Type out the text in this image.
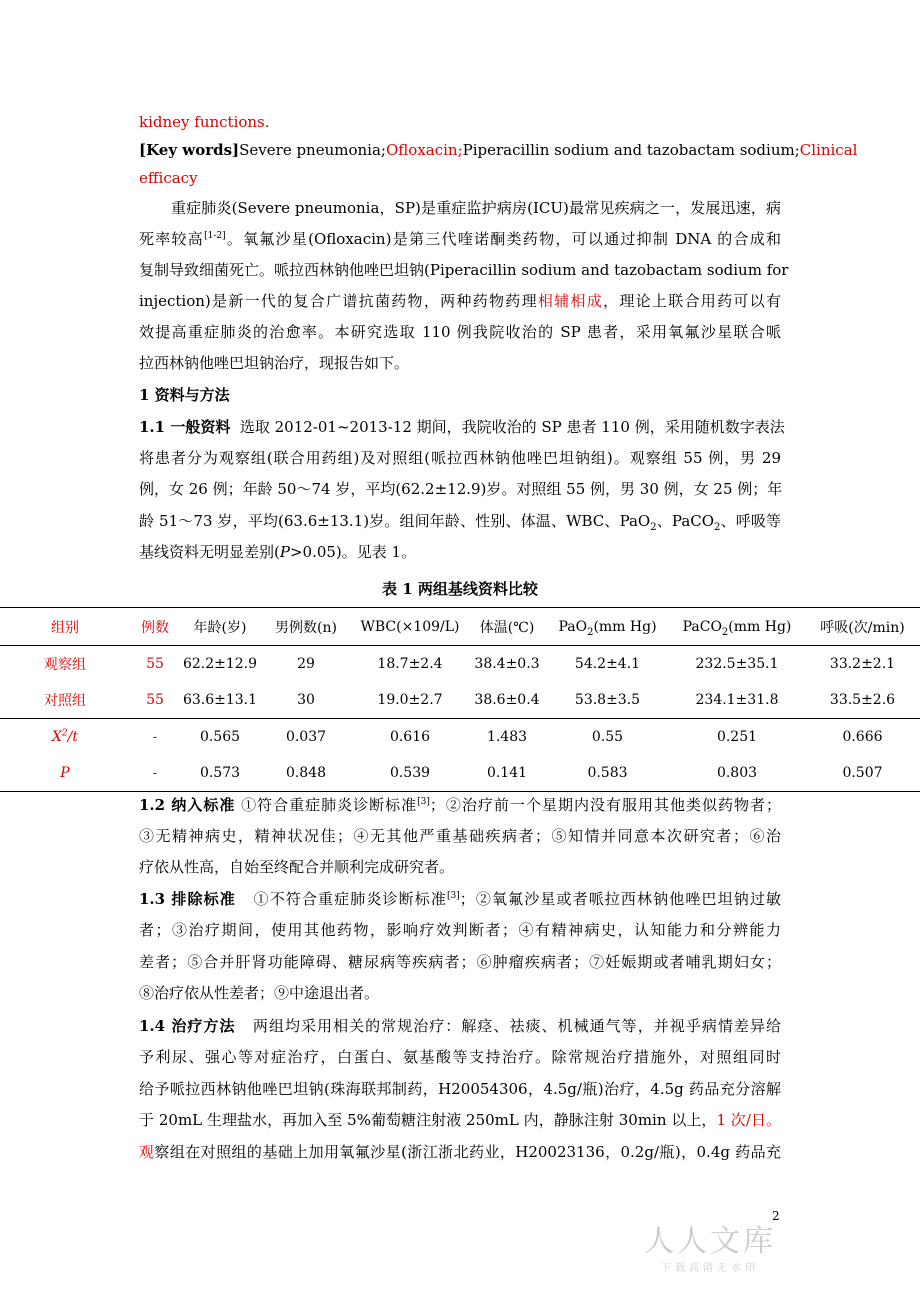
kidney functions.
[Key words]Severe pneumonia;Ofloxacin;Piperacillin sodium and tazobactam sodium;Clinical
efficacy
重症肺炎(Severe pneumonia，SP)是重症监护病房(ICU)最常见疾病之一，发展迅速，病
死率较高[1-2]。氧氟沙星(Ofloxacin)是第三代喹诺酮类药物，可以通过抑制 DNA 的合成和
复制导致细菌死亡。哌拉西林钠他唑巴坦钠(Piperacillin sodium and tazobactam sodium for
injection)是新一代的复合广谱抗菌药物，两种药物药理相辅相成，理论上联合用药可以有
效提高重症肺炎的治愈率。本研究选取 110 例我院收治的 SP 患者，采用氧氟沙星联合哌
拉西林钠他唑巴坦钠治疗，现报告如下。
1 资料与方法
1.1 一般资料 选取 2012-01~2013-12 期间，我院收治的 SP 患者 110 例，采用随机数字表法
将患者分为观察组(联合用药组)及对照组(哌拉西林钠他唑巴坦钠组)。观察组 55 例，男 29
例，女 26 例；年龄 50～74 岁，平均(62.2±12.9)岁。对照组 55 例，男 30 例，女 25 例；年
龄 51～73 岁，平均(63.6±13.1)岁。组间年龄、性别、体温、WBC、PaO$_2$、PaCO$_2$、呼吸等
基线资料无明显差别(P>0.05)。见表 1。
表 1 两组基线资料比较
组别	例数	年龄(岁)	男例数(n)	WBC(×109/L)	体温(℃)	PaO$_2$(mm Hg)	PaCO$_2$(mm Hg)	呼吸(次/min)
观察组	55	62.2±12.9	29	18.7±2.4	38.4±0.3	54.2±4.1	232.5±35.1	33.2±2.1
对照组	55	63.6±13.1	30	19.0±2.7	38.6±0.4	53.8±3.5	234.1±31.8	33.5±2.6
$X^2/t$	-	0.565	0.037	0.616	1.483	0.55	0.251	0.666
P	-	0.573	0.848	0.539	0.141	0.583	0.803	0.507
1.2 纳入标准 ①符合重症肺炎诊断标准[3]；②治疗前一个星期内没有服用其他类似药物者；
③无精神病史，精神状况佳；④无其他严重基础疾病者；⑤知情并同意本次研究者；⑥治
疗依从性高，自始至终配合并顺利完成研究者。
1.3 排除标准 ①不符合重症肺炎诊断标准[3]；②氧氟沙星或者哌拉西林钠他唑巴坦钠过敏
者；③治疗期间，使用其他药物，影响疗效判断者；④有精神病史，认知能力和分辨能力
差者；⑤合并肝肾功能障碍、糖尿病等疾病者；⑥肿瘤疾病者；⑦妊娠期或者哺乳期妇女；
⑧治疗依从性差者；⑨中途退出者。
1.4 治疗方法 两组均采用相关的常规治疗：解痉、祛痰、机械通气等，并视乎病情差异给
予利尿、强心等对症治疗，白蛋白、氨基酸等支持治疗。除常规治疗措施外，对照组同时
给予哌拉西林钠他唑巴坦钠(珠海联邦制药，H20054306，4.5g/瓶)治疗，4.5g 药品充分溶解
于 20mL 生理盐水，再加入至 5%葡萄糖注射液 250mL 内，静脉注射 30min 以上，1 次/日。
观察组在对照组的基础上加用氧氟沙星(浙江浙北药业，H20023136，0.2g/瓶)，0.4g 药品充
2
人人文库
下载高清无水印
